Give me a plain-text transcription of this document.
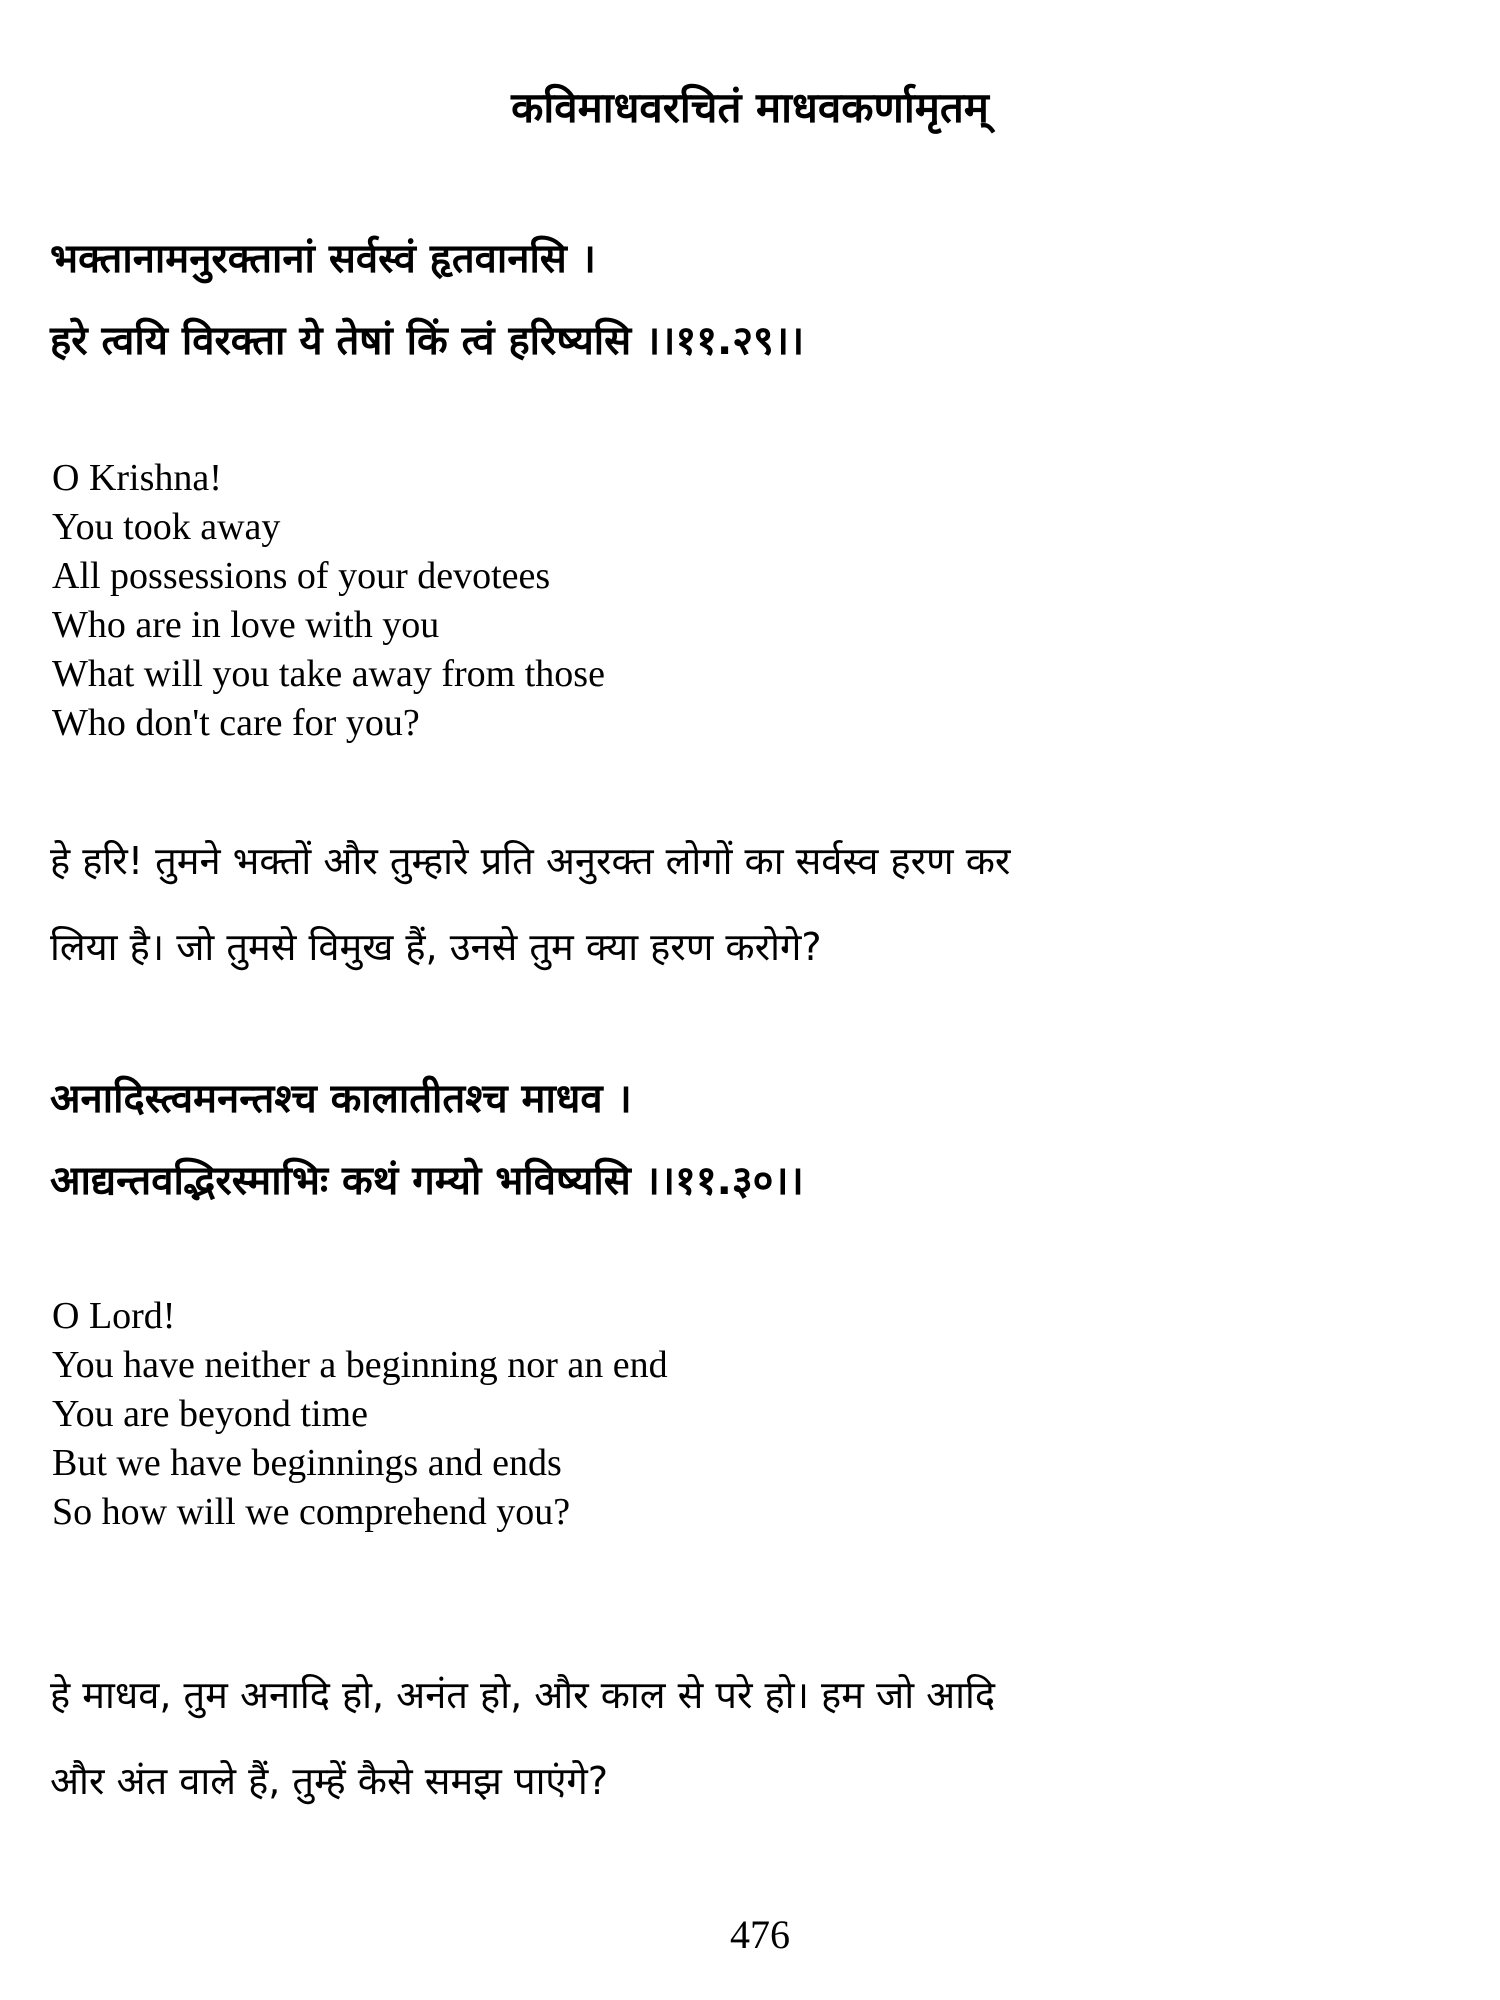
कविमाधवरचितं माधवकर्णामृतम्
भक्तानामनुरक्तानां सर्वस्वं हृतवानसि ।
हरे त्वयि विरक्ता ये तेषां किं त्वं हरिष्यसि ।।११.२९।।
O Krishna!
You took away
All possessions of your devotees
Who are in love with you
What will you take away from those
Who don't care for you?
हे हरि! तुमने भक्तों और तुम्हारे प्रति अनुरक्त लोगों का सर्वस्व हरण कर
लिया है। जो तुमसे विमुख हैं, उनसे तुम क्या हरण करोगे?
अनादिस्त्वमनन्तश्च कालातीतश्च माधव ।
आद्यन्तवद्भिरस्माभिः कथं गम्यो भविष्यसि ।।११.३०।।
O Lord!
You have neither a beginning nor an end
You are beyond time
But we have beginnings and ends
So how will we comprehend you?
हे माधव, तुम अनादि हो, अनंत हो, और काल से परे हो। हम जो आदि
और अंत वाले हैं, तुम्हें कैसे समझ पाएंगे?
476
